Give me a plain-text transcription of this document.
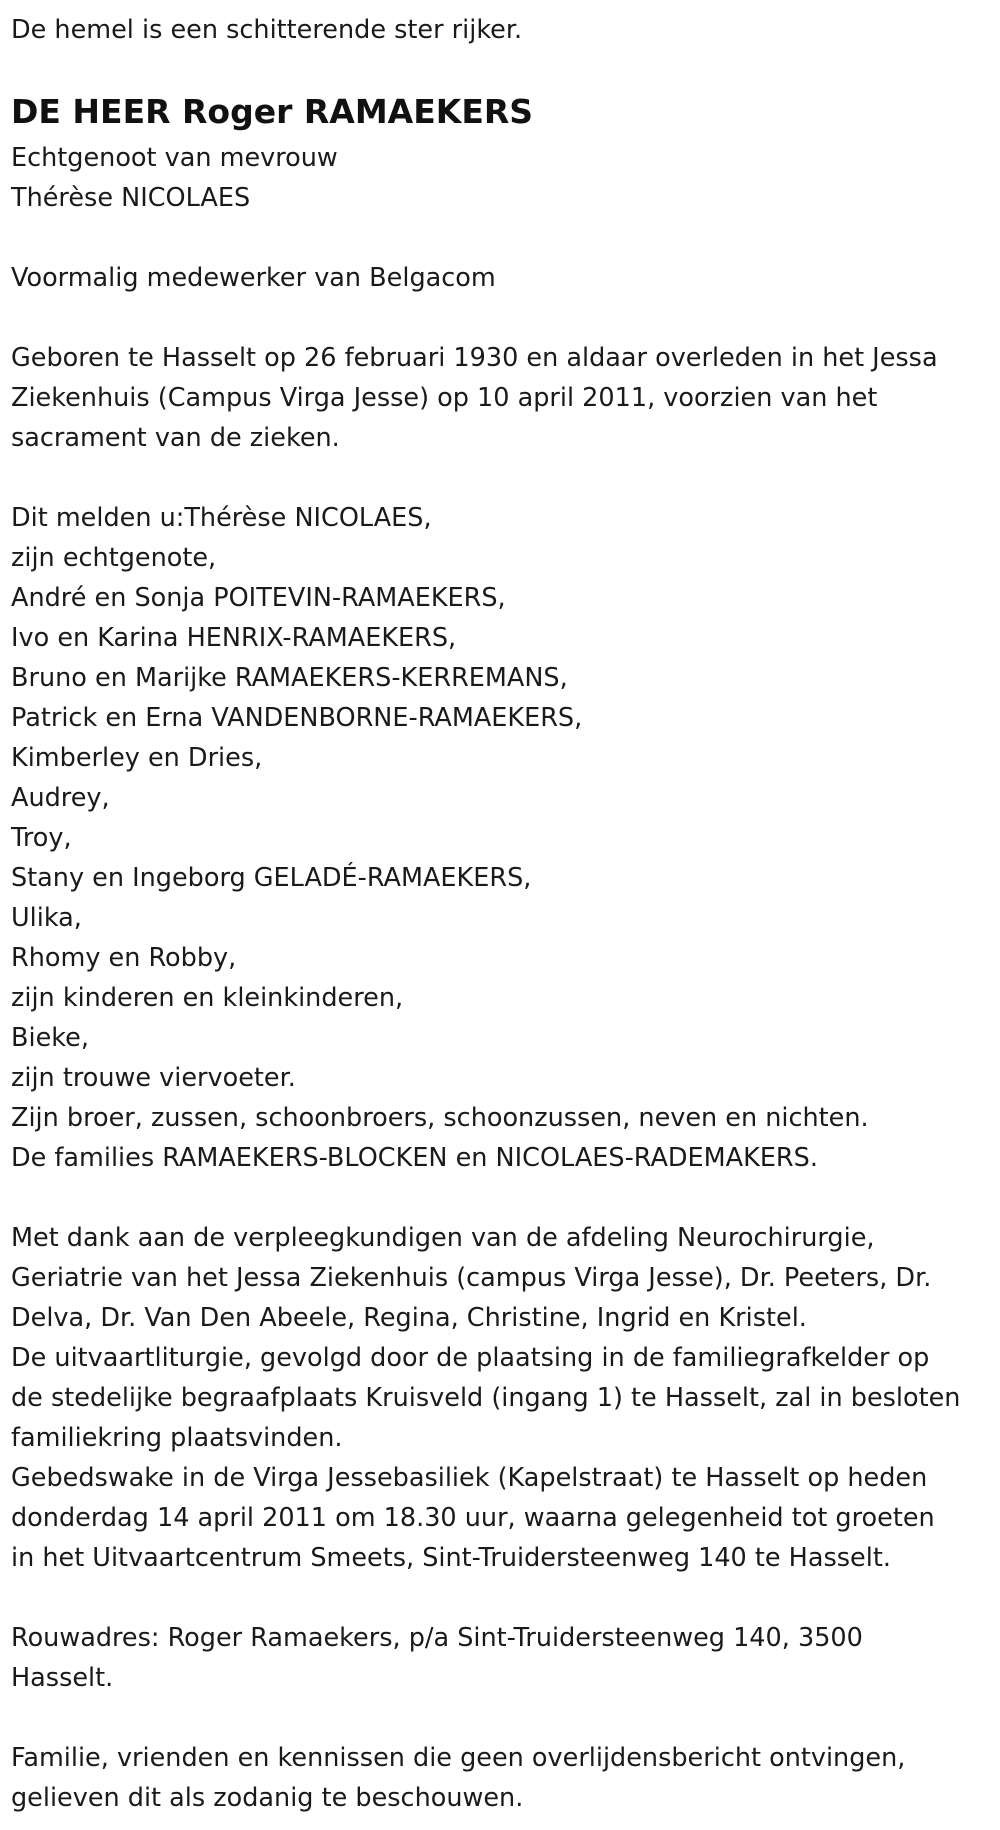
De hemel is een schitterende ster rijker.
DE HEER Roger RAMAEKERS
Echtgenoot van mevrouw
Thérèse NICOLAES
Voormalig medewerker van Belgacom
Geboren te Hasselt op 26 februari 1930 en aldaar overleden in het Jessa
Ziekenhuis (Campus Virga Jesse) op 10 april 2011, voorzien van het
sacrament van de zieken.
Dit melden u:Thérèse NICOLAES,
zijn echtgenote,
André en Sonja POITEVIN-RAMAEKERS,
Ivo en Karina HENRIX-RAMAEKERS,
Bruno en Marijke RAMAEKERS-KERREMANS,
Patrick en Erna VANDENBORNE-RAMAEKERS,
Kimberley en Dries,
Audrey,
Troy,
Stany en Ingeborg GELADÉ-RAMAEKERS,
Ulika,
Rhomy en Robby,
zijn kinderen en kleinkinderen,
Bieke,
zijn trouwe viervoeter.
Zijn broer, zussen, schoonbroers, schoonzussen, neven en nichten.
De families RAMAEKERS-BLOCKEN en NICOLAES-RADEMAKERS.
Met dank aan de verpleegkundigen van de afdeling Neurochirurgie,
Geriatrie van het Jessa Ziekenhuis (campus Virga Jesse), Dr. Peeters, Dr.
Delva, Dr. Van Den Abeele, Regina, Christine, Ingrid en Kristel.
De uitvaartliturgie, gevolgd door de plaatsing in de familiegrafkelder op
de stedelijke begraafplaats Kruisveld (ingang 1) te Hasselt, zal in besloten
familiekring plaatsvinden.
Gebedswake in de Virga Jessebasiliek (Kapelstraat) te Hasselt op heden
donderdag 14 april 2011 om 18.30 uur, waarna gelegenheid tot groeten
in het Uitvaartcentrum Smeets, Sint-Truidersteenweg 140 te Hasselt.
Rouwadres: Roger Ramaekers, p/a Sint-Truidersteenweg 140, 3500
Hasselt.
Familie, vrienden en kennissen die geen overlijdensbericht ontvingen,
gelieven dit als zodanig te beschouwen.
